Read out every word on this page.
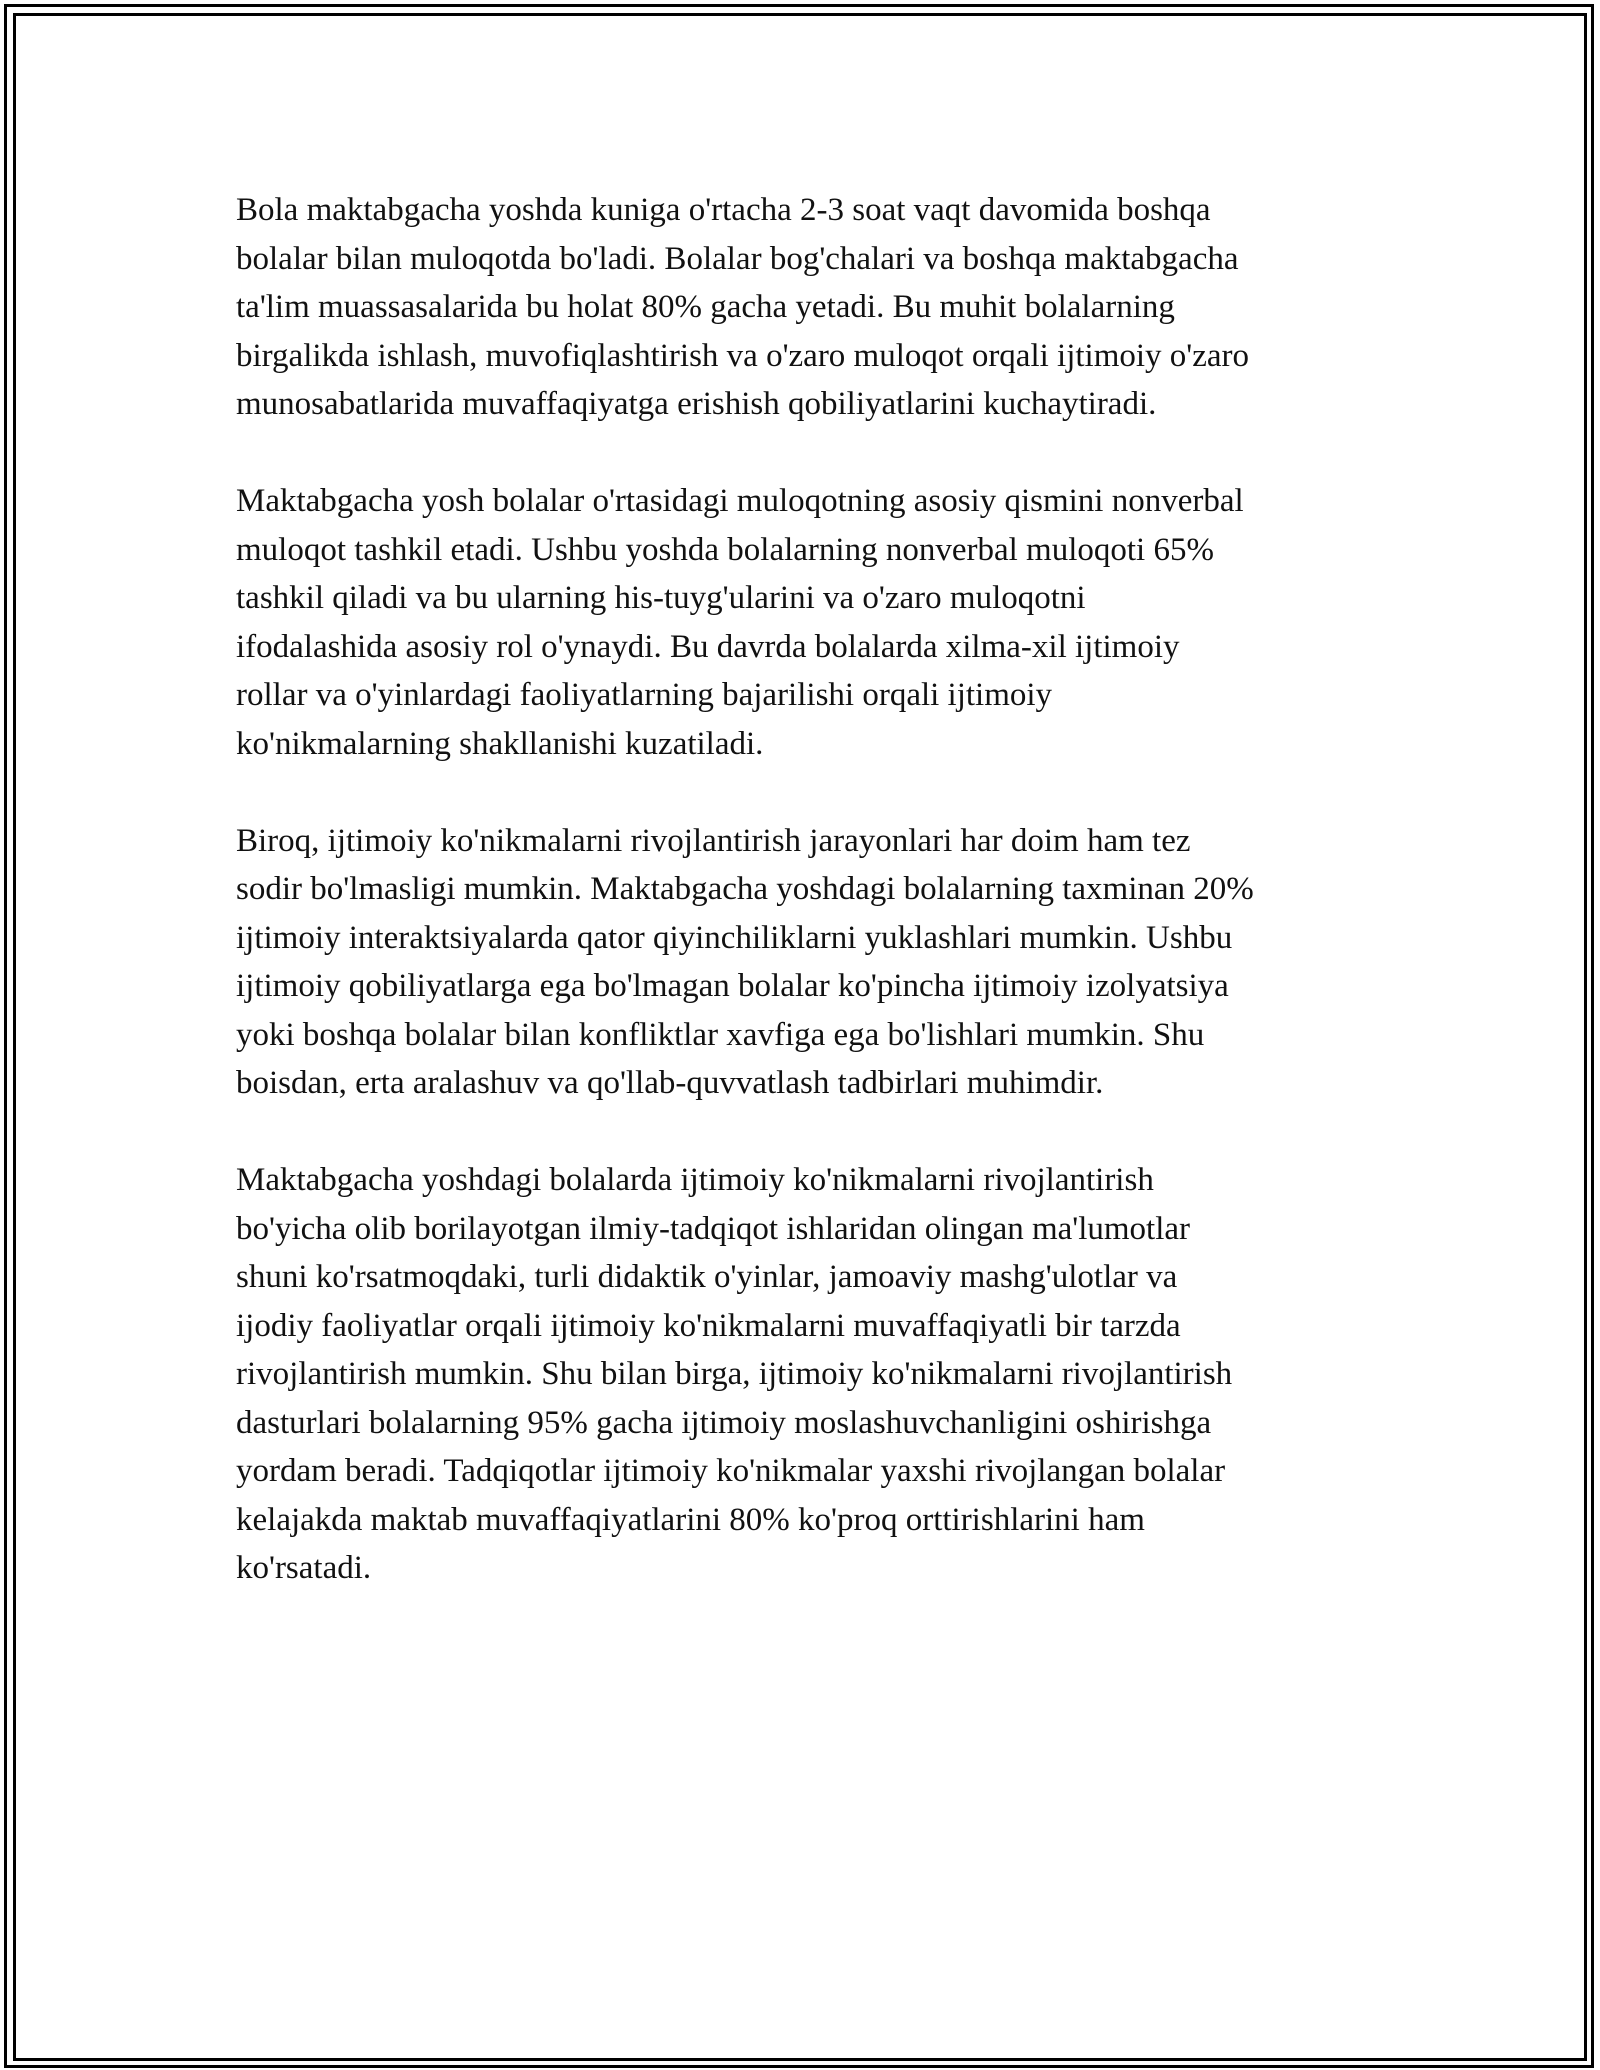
Bola maktabgacha yoshda kuniga o'rtacha 2-3 soat vaqt davomida boshqa
bolalar bilan muloqotda bo'ladi. Bolalar bog'chalari va boshqa maktabgacha
ta'lim muassasalarida bu holat 80% gacha yetadi. Bu muhit bolalarning
birgalikda ishlash, muvofiqlashtirish va o'zaro muloqot orqali ijtimoiy o'zaro
munosabatlarida muvaffaqiyatga erishish qobiliyatlarini kuchaytiradi.

Maktabgacha yosh bolalar o'rtasidagi muloqotning asosiy qismini nonverbal
muloqot tashkil etadi. Ushbu yoshda bolalarning nonverbal muloqoti 65%
tashkil qiladi va bu ularning his-tuyg'ularini va o'zaro muloqotni
ifodalashida asosiy rol o'ynaydi. Bu davrda bolalarda xilma-xil ijtimoiy
rollar va o'yinlardagi faoliyatlarning bajarilishi orqali ijtimoiy
ko'nikmalarning shakllanishi kuzatiladi.

Biroq, ijtimoiy ko'nikmalarni rivojlantirish jarayonlari har doim ham tez
sodir bo'lmasligi mumkin. Maktabgacha yoshdagi bolalarning taxminan 20%
ijtimoiy interaktsiyalarda qator qiyinchiliklarni yuklashlari mumkin. Ushbu
ijtimoiy qobiliyatlarga ega bo'lmagan bolalar ko'pincha ijtimoiy izolyatsiya
yoki boshqa bolalar bilan konfliktlar xavfiga ega bo'lishlari mumkin. Shu
boisdan, erta aralashuv va qo'llab-quvvatlash tadbirlari muhimdir.

Maktabgacha yoshdagi bolalarda ijtimoiy ko'nikmalarni rivojlantirish
bo'yicha olib borilayotgan ilmiy-tadqiqot ishlaridan olingan ma'lumotlar
shuni ko'rsatmoqdaki, turli didaktik o'yinlar, jamoaviy mashg'ulotlar va
ijodiy faoliyatlar orqali ijtimoiy ko'nikmalarni muvaffaqiyatli bir tarzda
rivojlantirish mumkin. Shu bilan birga, ijtimoiy ko'nikmalarni rivojlantirish
dasturlari bolalarning 95% gacha ijtimoiy moslashuvchanligini oshirishga
yordam beradi. Tadqiqotlar ijtimoiy ko'nikmalar yaxshi rivojlangan bolalar
kelajakda maktab muvaffaqiyatlarini 80% ko'proq orttirishlarini ham
ko'rsatadi.
